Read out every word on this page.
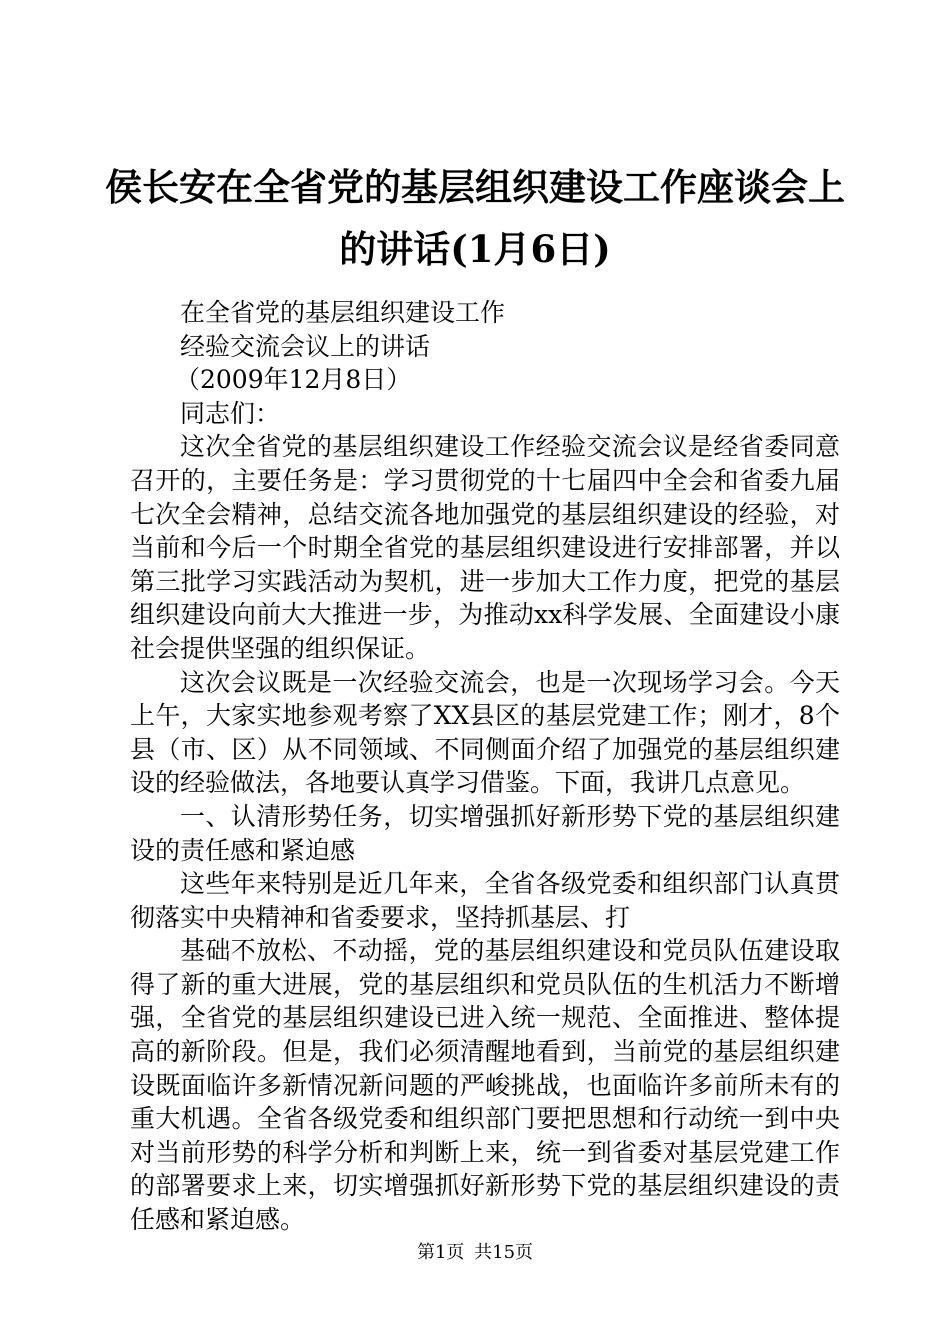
侯长安在全省党的基层组织建设工作座谈会上
的讲话(1月6日)

在全省党的基层组织建设工作

经验交流会议上的讲话

（2009年12月8日）

同志们：

这次全省党的基层组织建设工作经验交流会议是经省委同意召开的，主要任务是：学习贯彻党的十七届四中全会和省委九届七次全会精神，总结交流各地加强党的基层组织建设的经验，对当前和今后一个时期全省党的基层组织建设进行安排部署，并以第三批学习实践活动为契机，进一步加大工作力度，把党的基层组织建设向前大大推进一步，为推动xx科学发展、全面建设小康社会提供坚强的组织保证。

这次会议既是一次经验交流会，也是一次现场学习会。今天上午，大家实地参观考察了XX县区的基层党建工作；刚才，8个县（市、区）从不同领域、不同侧面介绍了加强党的基层组织建设的经验做法，各地要认真学习借鉴。下面，我讲几点意见。

一、认清形势任务，切实增强抓好新形势下党的基层组织建设的责任感和紧迫感

这些年来特别是近几年来，全省各级党委和组织部门认真贯彻落实中央精神和省委要求，坚持抓基层、打

基础不放松、不动摇，党的基层组织建设和党员队伍建设取得了新的重大进展，党的基层组织和党员队伍的生机活力不断增强，全省党的基层组织建设已进入统一规范、全面推进、整体提高的新阶段。但是，我们必须清醒地看到，当前党的基层组织建设既面临许多新情况新问题的严峻挑战，也面临许多前所未有的重大机遇。全省各级党委和组织部门要把思想和行动统一到中央对当前形势的科学分析和判断上来，统一到省委对基层党建工作的部署要求上来，切实增强抓好新形势下党的基层组织建设的责任感和紧迫感。

第1页 共15页
